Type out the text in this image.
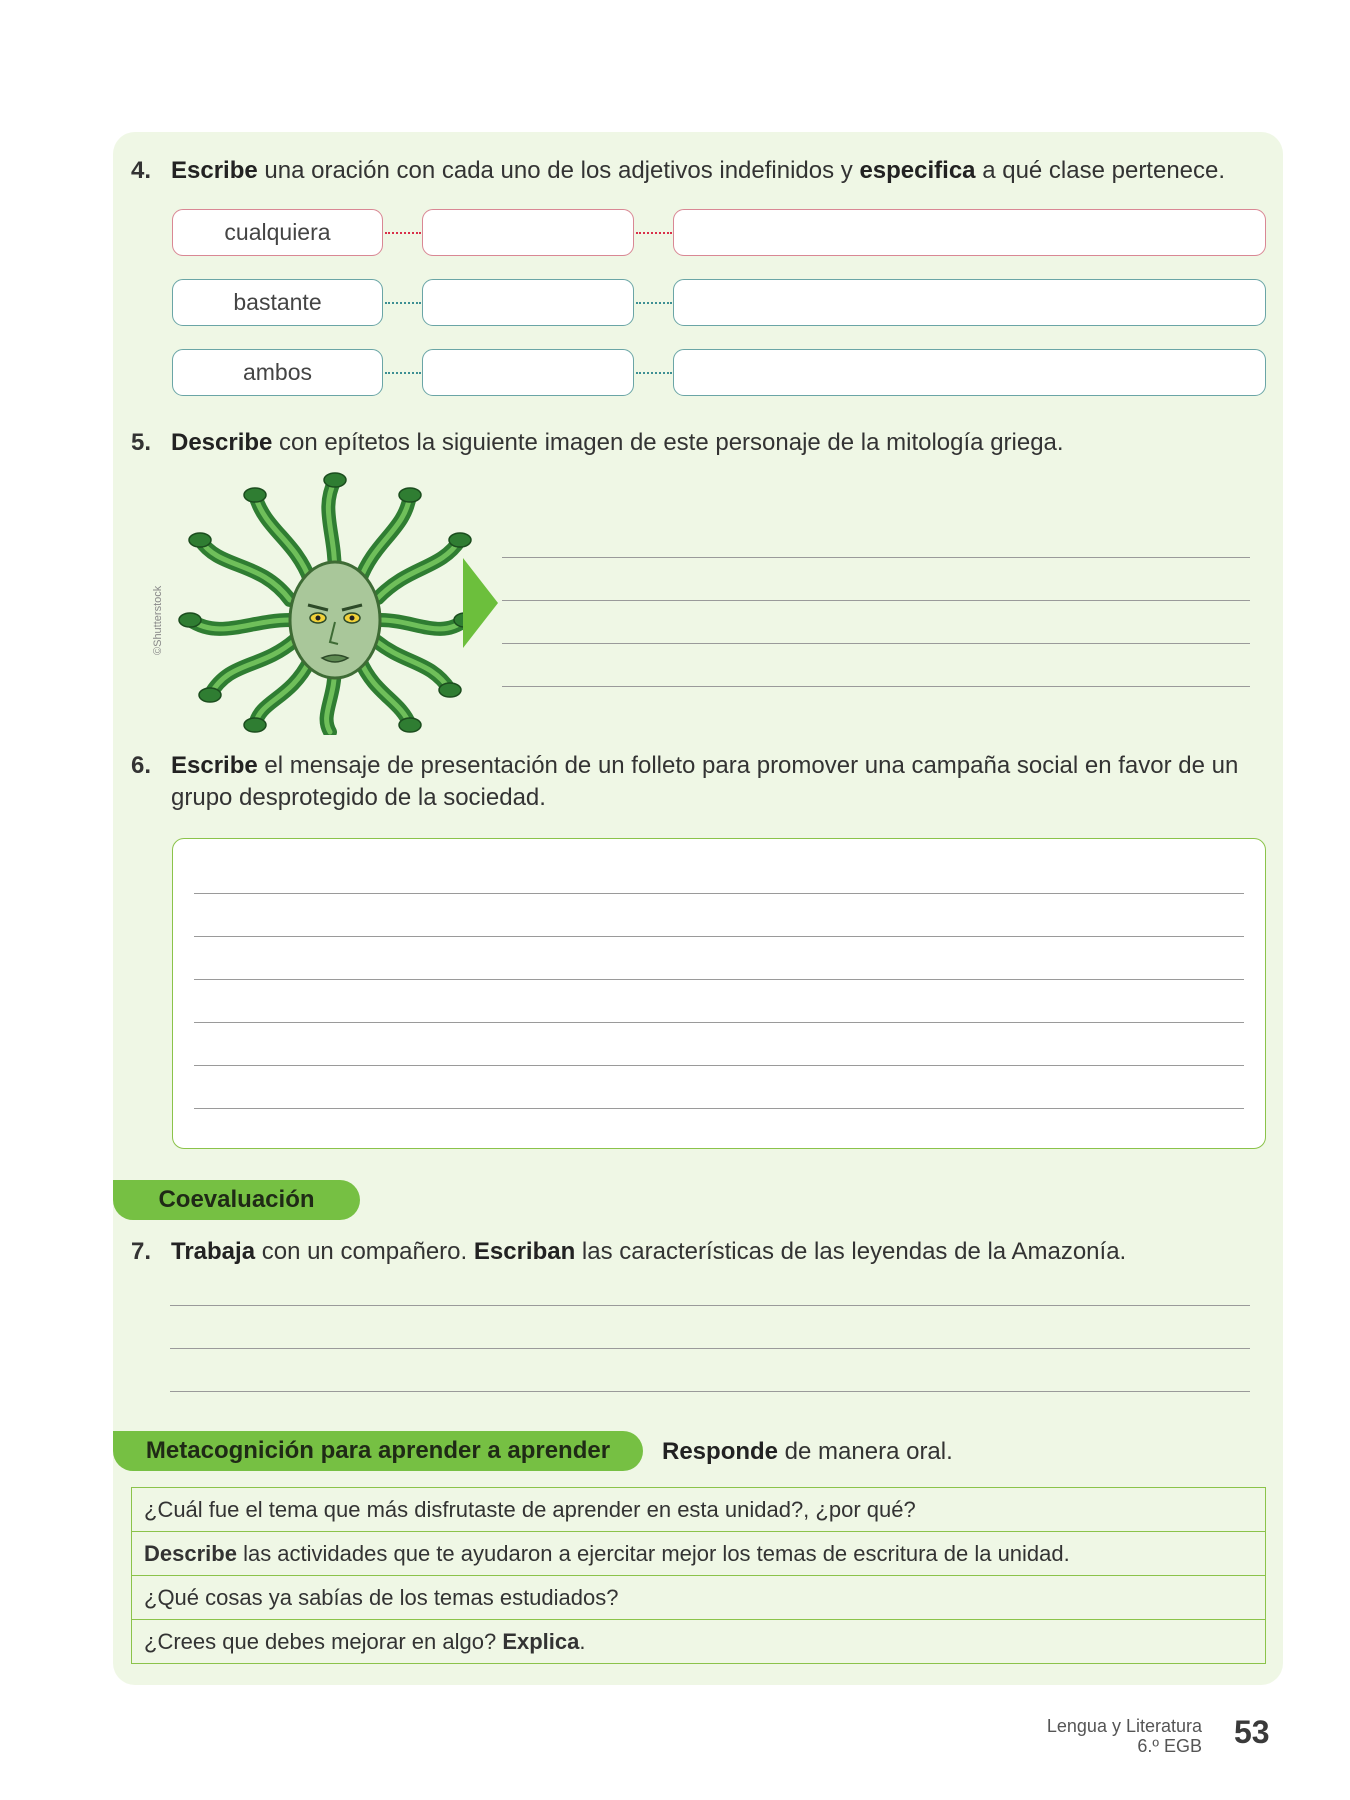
4. Escribe una oración con cada uno de los adjetivos indefinidos y especifica a qué clase pertenece.
cualquiera
bastante
ambos
5. Describe con epítetos la siguiente imagen de este personaje de la mitología griega.
©Shutterstock
6. Escribe el mensaje de presentación de un folleto para promover una campaña social en favor de un grupo desprotegido de la sociedad.
Coevaluación
7. Trabaja con un compañero. Escriban las características de las leyendas de la Amazonía.
Metacognición para aprender a aprender Responde de manera oral.
¿Cuál fue el tema que más disfrutaste de aprender en esta unidad?, ¿por qué?
Describe las actividades que te ayudaron a ejercitar mejor los temas de escritura de la unidad.
¿Qué cosas ya sabías de los temas estudiados?
¿Crees que debes mejorar en algo? Explica.
Lengua y Literatura
6.º EGB 53
